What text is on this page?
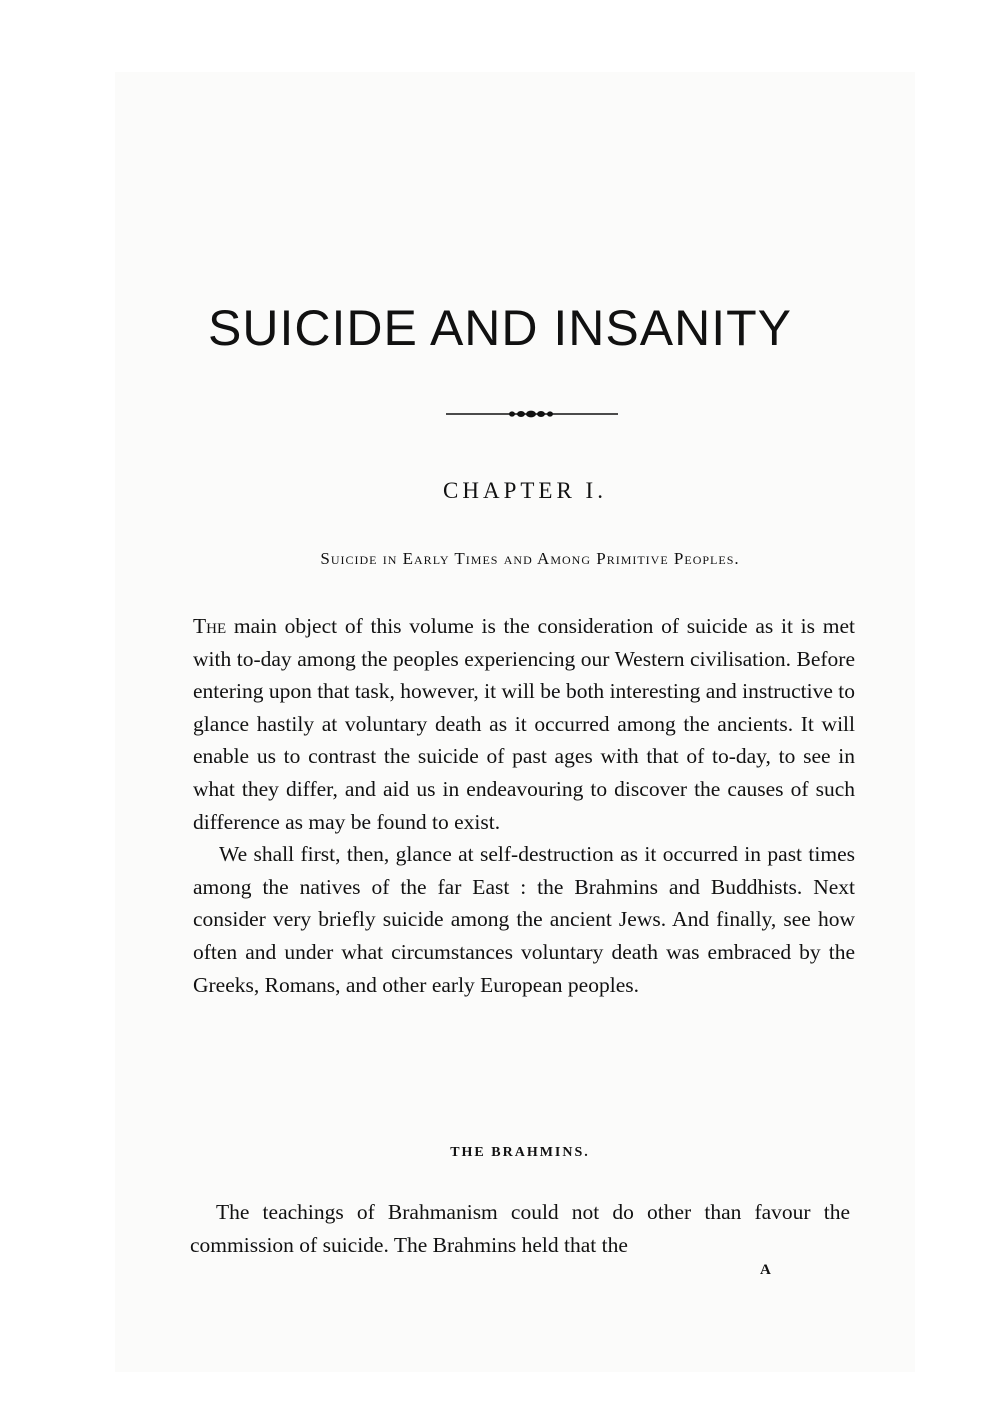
SUICIDE AND INSANITY
CHAPTER I.
Suicide in Early Times and Among Primitive Peoples.

The main object of this volume is the consideration of suicide as it is met with to-day among the peoples experiencing our Western civilisation. Before entering upon that task, however, it will be both interesting and instructive to glance hastily at voluntary death as it occurred among the ancients. It will enable us to contrast the suicide of past ages with that of to-day, to see in what they differ, and aid us in endeavouring to discover the causes of such difference as may be found to exist.

We shall first, then, glance at self-destruction as it occurred in past times among the natives of the far East : the Brahmins and Buddhists. Next consider very briefly suicide among the ancient Jews. And finally, see how often and under what circumstances voluntary death was embraced by the Greeks, Romans, and other early European peoples.

THE BRAHMINS.

The teachings of Brahmanism could not do other than favour the commission of suicide. The Brahmins held that the

A
